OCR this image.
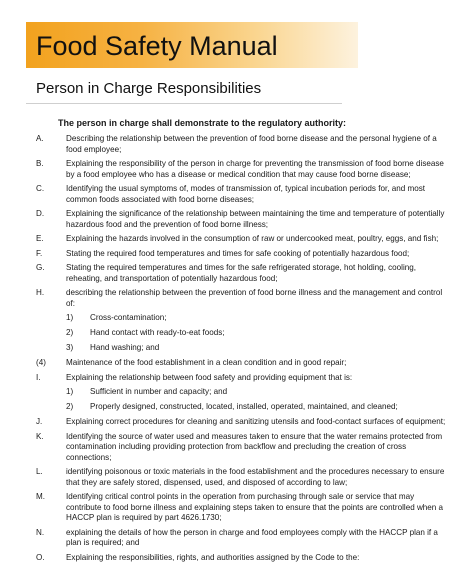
Food Safety Manual
Person in Charge Responsibilities
The person in charge shall demonstrate to the regulatory authority:
A.	Describing the relationship between the prevention of food borne disease and the personal hygiene of a food employee;
B.	Explaining the responsibility of the person in charge for preventing the transmission of food borne disease by a food employee who has a disease or medical condition that may cause food borne disease;
C.	Identifying the usual symptoms of, modes of transmission of, typical incubation periods for, and most common foods associated with food borne diseases;
D.	Explaining the significance of the relationship between maintaining the time and temperature of potentially hazardous food and the prevention of food borne illness;
E.	Explaining the hazards involved in the consumption of raw or undercooked meat, poultry, eggs, and fish;
F.	Stating the required food temperatures and times for safe cooking of potentially hazardous food;
G.	Stating the required temperatures and times for the safe refrigerated storage, hot holding, cooling, reheating, and transportation of potentially hazardous food;
H.	describing the relationship between the prevention of food borne illness and the management and control of:
1)	Cross-contamination;
2)	Hand contact with ready-to-eat foods;
3)	Hand washing; and
(4)	Maintenance of the food establishment in a clean condition and in good repair;
I.	Explaining the relationship between food safety and providing equipment that is:
1)	Sufficient in number and capacity; and
2)	Properly designed, constructed, located, installed, operated, maintained, and cleaned;
J.	Explaining correct procedures for cleaning and sanitizing utensils and food-contact surfaces of equipment;
K.	Identifying the source of water used and measures taken to ensure that the water remains protected from contamination including providing protection from backflow and precluding the creation of cross connections;
L.	identifying poisonous or toxic materials in the food establishment and the procedures necessary to ensure that they are safely stored, dispensed, used, and disposed of according to law;
M.	Identifying critical control points in the operation from purchasing through sale or service that may contribute to food borne illness and explaining steps taken to ensure that the points are controlled when a HACCP plan is required by part 4626.1730;
N.	explaining the details of how the person in charge and food employees comply with the HACCP plan if a plan is required; and
O.	Explaining the responsibilities, rights, and authorities assigned by the Code to the:
